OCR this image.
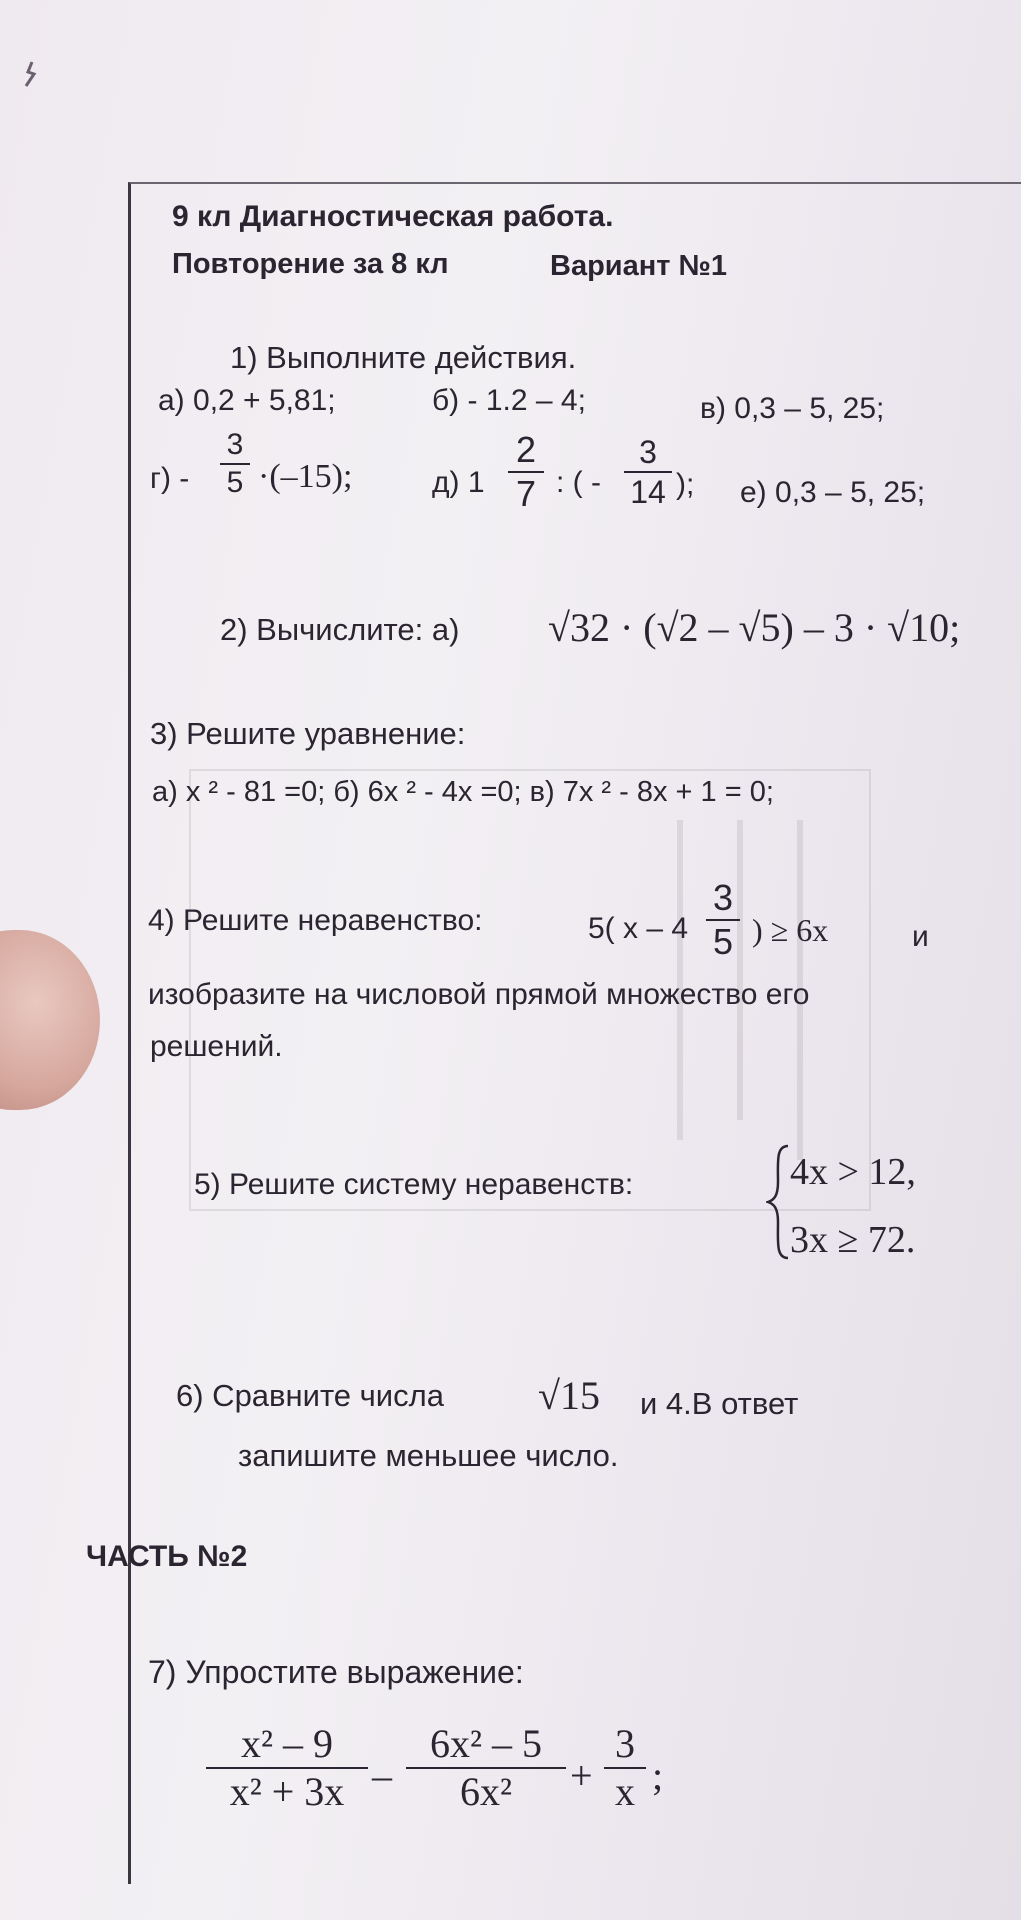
9 кл Диагностическая работа.
Повторение за 8 кл	Вариант №1
1) Выполните действия.
а) 0,2 + 5,81;	б) - 1.2 – 4;	в) 0,3 – 5, 25;
г) -
3
5 ·(–15);	д) 1
2
7 : ( -
3
14 ); е) 0,3 – 5, 25;
2) Вычислите: а) √32 · (√2 – √5) – 3 · √10;
3) Решите уравнение:
а) x ² - 81 =0; б) 6x ² - 4x =0; в) 7x ² - 8x + 1 = 0;
4) Решите неравенство:	5( x – 4
3
5 ) ≥ 6x	и
изобразите на числовой прямой множество его
решений.
5) Решите систему неравенств:	4x > 12,
3x ≥ 72.
6) Сравните числа √15 и 4.В ответ
запишите меньшее число.
ЧАСТЬ №2
7) Упростите выражение:
x² – 9
x² + 3x –
6x² – 5
6x²	+
3
x ;
